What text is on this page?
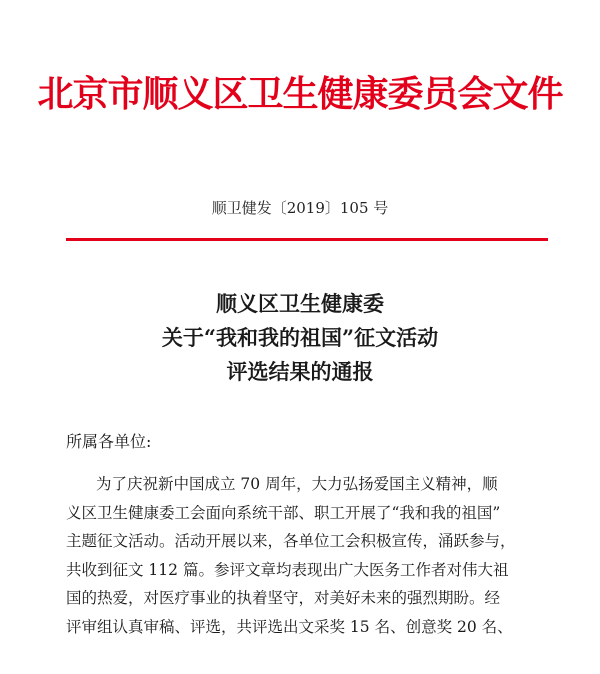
北京市顺义区卫生健康委员会文件
顺卫健发〔2019〕105 号
顺义区卫生健康委
关于“我和我的祖国”征文活动
评选结果的通报
所属各单位:
为了庆祝新中国成立 70 周年，大力弘扬爱国主义精神，顺
义区卫生健康委工会面向系统干部、职工开展了“我和我的祖国”
主题征文活动。活动开展以来，各单位工会积极宣传，涌跃参与，
共收到征文 112 篇。参评文章均表现出广大医务工作者对伟大祖
国的热爱，对医疗事业的执着坚守，对美好未来的强烈期盼。经
评审组认真审稿、评选，共评选出文采奖 15 名、创意奖 20 名、
